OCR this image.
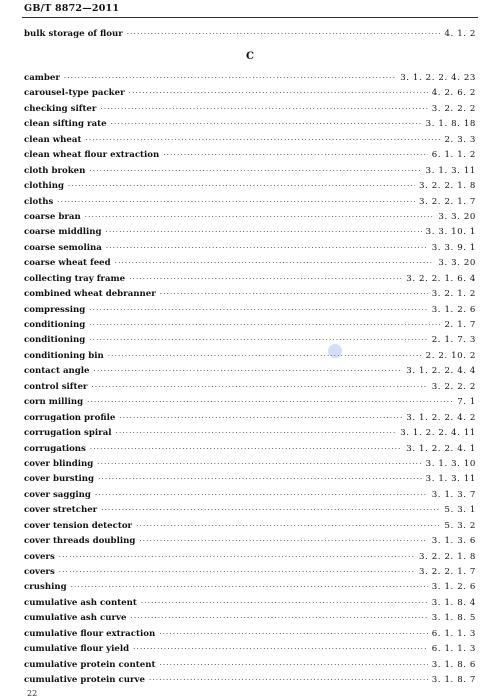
GB/T 8872—2011
bulk storage of flour ·····	4. 1. 2
C
camber ·····	3. 1. 2. 2. 4. 23
carousel-type packer ·····	4. 2. 6. 2
checking sifter ·····	3. 2. 2. 2
clean sifting rate ·····	3. 1. 8. 18
clean wheat ·····	2. 3. 3
clean wheat flour extraction ·····	6. 1. 1. 2
cloth broken ·····	3. 1. 3. 11
clothing ·····	3. 2. 2. 1. 8
cloths ·····	3. 2. 2. 1. 7
coarse bran ·····	3. 3. 20
coarse middling ·····	3. 3. 10. 1
coarse semolina ·····	3. 3. 9. 1
coarse wheat feed ·····	3. 3. 20
collecting tray frame ·····	3. 2. 2. 1. 6. 4
combined wheat debranner ·····	3. 2. 1. 2
compressing ·····	3. 1. 2. 6
conditioning ·····	2. 1. 7
conditioning ·····	2. 1. 7. 3
conditioning bin ·····	2. 2. 10. 2
contact angle ·····	3. 1. 2. 2. 4. 4
control sifter ·····	3. 2. 2. 2
corn milling ·····	7. 1
corrugation profile ·····	3. 1. 2. 2. 4. 2
corrugation spiral ·····	3. 1. 2. 2. 4. 11
corrugations ·····	3. 1. 2. 2. 4. 1
cover blinding ·····	3. 1. 3. 10
cover bursting ·····	3. 1. 3. 11
cover sagging ·····	3. 1. 3. 7
cover stretcher ·····	5. 3. 1
cover tension detector ·····	5. 3. 2
cover threads doubling ·····	3. 1. 3. 6
covers ·····	3. 2. 2. 1. 8
covers ·····	3. 2. 2. 1. 7
crushing ·····	3. 1. 2. 6
cumulative ash content ·····	3. 1. 8. 4
cumulative ash curve ·····	3. 1. 8. 5
cumulative flour extraction ·····	6. 1. 1. 3
cumulative flour yield ·····	6. 1. 1. 3
cumulative protein content ·····	3. 1. 8. 6
cumulative protein curve ·····	3. 1. 8. 7
22
